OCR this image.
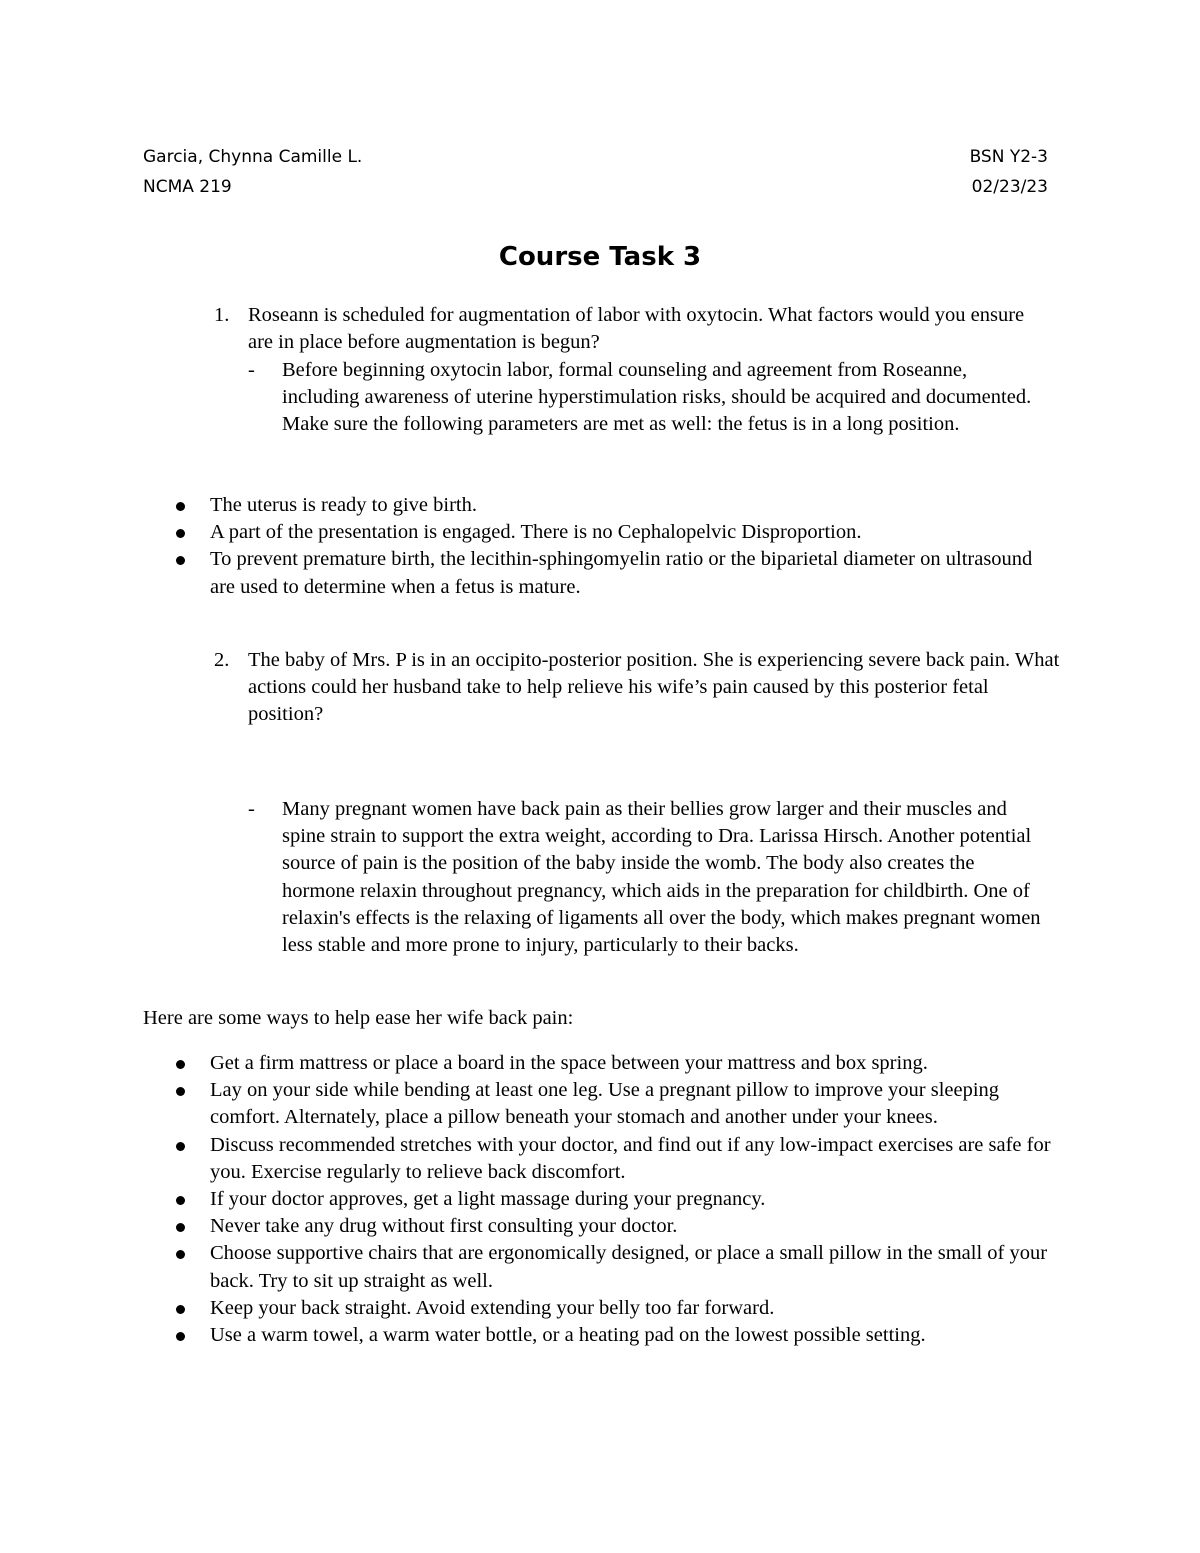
Garcia, Chynna Camille L.	BSN Y2-3
NCMA 219	02/23/23
Course Task 3
1. Roseann is scheduled for augmentation of labor with oxytocin. What factors would you ensure are in place before augmentation is begun?
- Before beginning oxytocin labor, formal counseling and agreement from Roseanne, including awareness of uterine hyperstimulation risks, should be acquired and documented. Make sure the following parameters are met as well: the fetus is in a long position.
The uterus is ready to give birth.
A part of the presentation is engaged. There is no Cephalopelvic Disproportion.
To prevent premature birth, the lecithin-sphingomyelin ratio or the biparietal diameter on ultrasound are used to determine when a fetus is mature.
2. The baby of Mrs. P is in an occipito-posterior position. She is experiencing severe back pain. What actions could her husband take to help relieve his wife’s pain caused by this posterior fetal position?
- Many pregnant women have back pain as their bellies grow larger and their muscles and spine strain to support the extra weight, according to Dra. Larissa Hirsch. Another potential source of pain is the position of the baby inside the womb. The body also creates the hormone relaxin throughout pregnancy, which aids in the preparation for childbirth. One of relaxin's effects is the relaxing of ligaments all over the body, which makes pregnant women less stable and more prone to injury, particularly to their backs.
Here are some ways to help ease her wife back pain:
Get a firm mattress or place a board in the space between your mattress and box spring.
Lay on your side while bending at least one leg. Use a pregnant pillow to improve your sleeping comfort. Alternately, place a pillow beneath your stomach and another under your knees.
Discuss recommended stretches with your doctor, and find out if any low-impact exercises are safe for you. Exercise regularly to relieve back discomfort.
If your doctor approves, get a light massage during your pregnancy.
Never take any drug without first consulting your doctor.
Choose supportive chairs that are ergonomically designed, or place a small pillow in the small of your back. Try to sit up straight as well.
Keep your back straight. Avoid extending your belly too far forward.
Use a warm towel, a warm water bottle, or a heating pad on the lowest possible setting.
